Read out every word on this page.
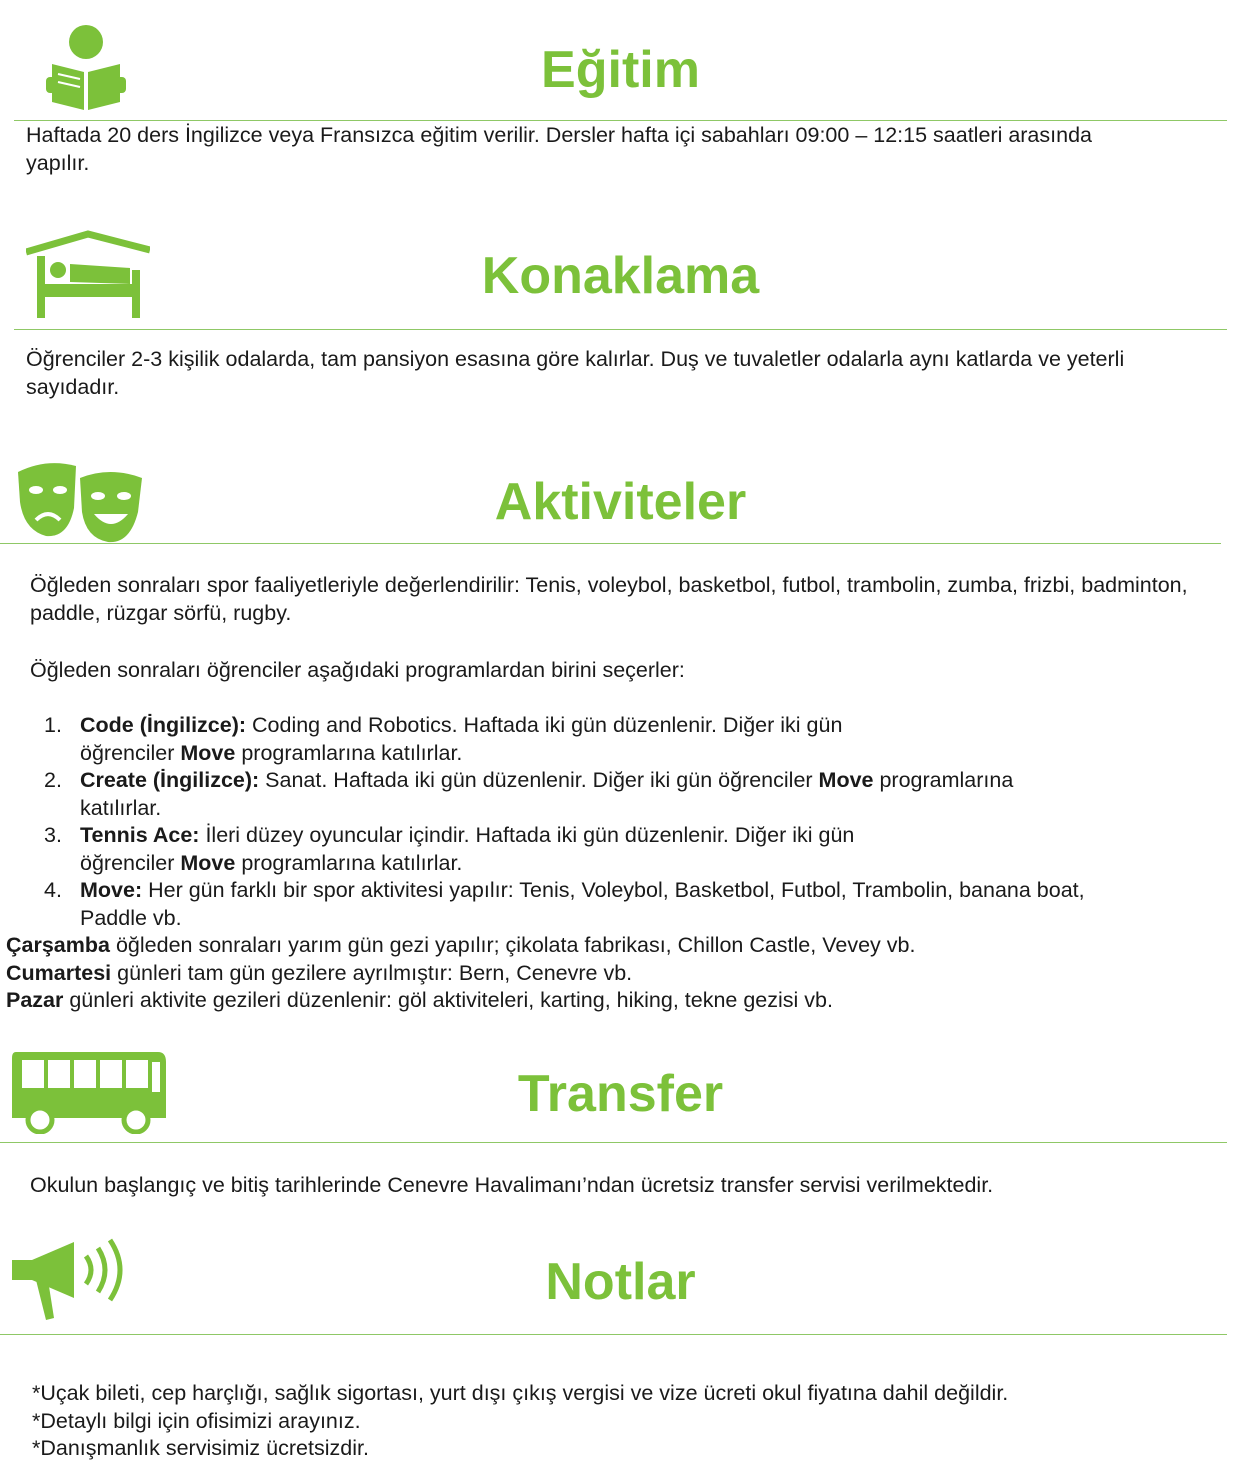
Eğitim

Haftada 20 ders İngilizce veya Fransızca eğitim verilir. Dersler hafta içi sabahları 09:00 – 12:15 saatleri arasında yapılır.

Konaklama

Öğrenciler 2-3 kişilik odalarda, tam pansiyon esasına göre kalırlar. Duş ve tuvaletler odalarla aynı katlarda ve yeterli sayıdadır.

Aktiviteler

Öğleden sonraları spor faaliyetleriyle değerlendirilir: Tenis, voleybol, basketbol, futbol, trambolin, zumba, frizbi, badminton, paddle, rüzgar sörfü, rugby.

Öğleden sonraları öğrenciler aşağıdaki programlardan birini seçerler:

1. Code (İngilizce): Coding and Robotics. Haftada iki gün düzenlenir. Diğer iki gün
öğrenciler Move programlarına katılırlar.
2. Create (İngilizce): Sanat. Haftada iki gün düzenlenir. Diğer iki gün öğrenciler Move programlarına
katılırlar.
3. Tennis Ace: İleri düzey oyuncular içindir. Haftada iki gün düzenlenir. Diğer iki gün
öğrenciler Move programlarına katılırlar.
4. Move: Her gün farklı bir spor aktivitesi yapılır: Tenis, Voleybol, Basketbol, Futbol, Trambolin, banana boat,
Paddle vb.
Çarşamba öğleden sonraları yarım gün gezi yapılır; çikolata fabrikası, Chillon Castle, Vevey vb.
Cumartesi günleri tam gün gezilere ayrılmıştır: Bern, Cenevre vb.
Pazar günleri aktivite gezileri düzenlenir: göl aktiviteleri, karting, hiking, tekne gezisi vb.
Transfer

Okulun başlangıç ve bitiş tarihlerinde Cenevre Havalimanı’ndan ücretsiz transfer servisi verilmektedir.

Notlar
*Uçak bileti, cep harçlığı, sağlık sigortası, yurt dışı çıkış vergisi ve vize ücreti okul fiyatına dahil değildir.
*Detaylı bilgi için ofisimizi arayınız.
*Danışmanlık servisimiz ücretsizdir.
